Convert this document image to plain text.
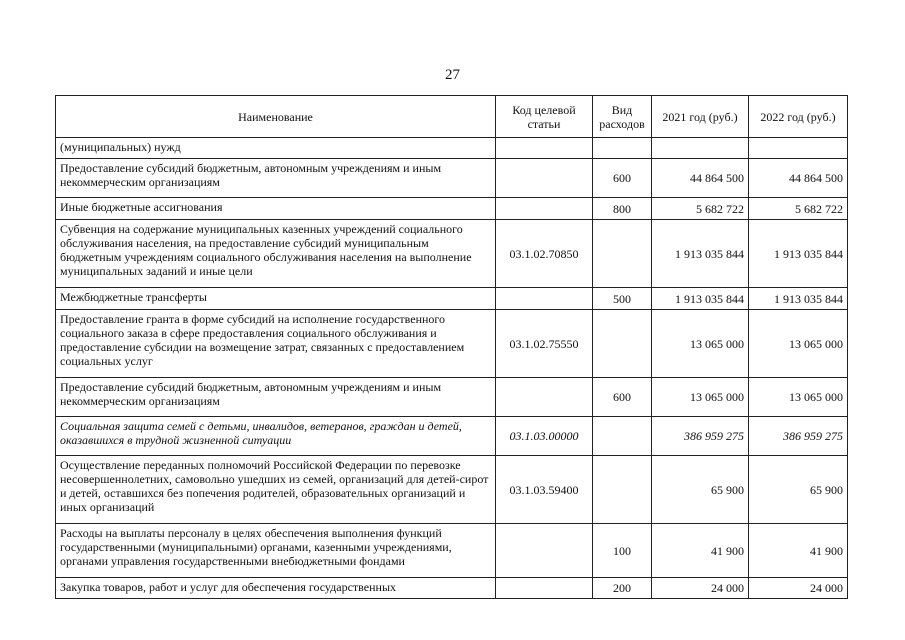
27
Наименование	Код целевой статьи	Вид расходов	2021 год (руб.)	2022 год (руб.)
(муниципальных) нужд				
Предоставление субсидий бюджетным, автономным учреждениям и иным некоммерческим организациям		600	44 864 500	44 864 500
Иные бюджетные ассигнования		800	5 682 722	5 682 722
Субвенция на содержание муниципальных казенных учреждений социального обслуживания населения, на предоставление субсидий муниципальным бюджетным учреждениям социального обслуживания населения на выполнение муниципальных заданий и иные цели	03.1.02.70850		1 913 035 844	1 913 035 844
Межбюджетные трансферты		500	1 913 035 844	1 913 035 844
Предоставление гранта в форме субсидий на исполнение государственного социального заказа в сфере предоставления социального обслуживания и предоставление субсидии на возмещение затрат, связанных с предоставлением социальных услуг	03.1.02.75550		13 065 000	13 065 000
Предоставление субсидий бюджетным, автономным учреждениям и иным некоммерческим организациям		600	13 065 000	13 065 000
Социальная защита семей с детьми, инвалидов, ветеранов, граждан и детей, оказавшихся в трудной жизненной ситуации	03.1.03.00000		386 959 275	386 959 275
Осуществление переданных полномочий Российской Федерации по перевозке несовершеннолетних, самовольно ушедших из семей, организаций для детей-сирот и детей, оставшихся без попечения родителей, образовательных организаций и иных организаций	03.1.03.59400		65 900	65 900
Расходы на выплаты персоналу в целях обеспечения выполнения функций государственными (муниципальными) органами, казенными учреждениями, органами управления государственными внебюджетными фондами		100	41 900	41 900
Закупка товаров, работ и услуг для обеспечения государственных		200	24 000	24 000
